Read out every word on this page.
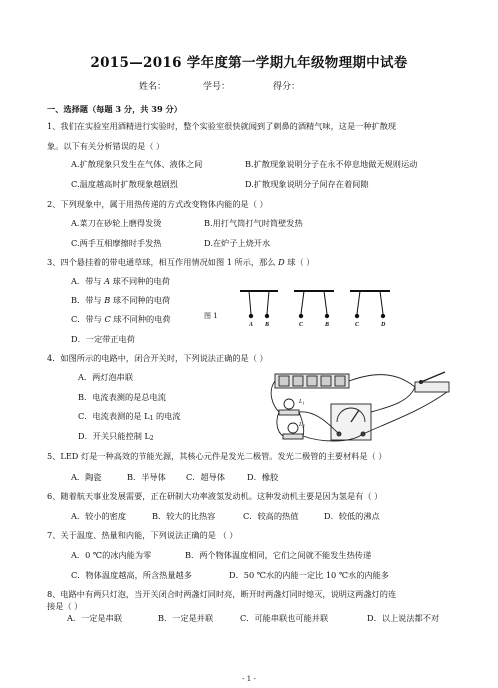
2015—2016 学年度第一学期九年级物理期中试卷
姓名：	学号：	得分：
一、选择题（每题 3 分，共 39 分）
1、我们在实验室用酒精进行实验时，整个实验室很快就闻到了刺鼻的酒精气味，这是一种扩散现
象。以下有关分析错误的是（ ）
A.扩散现象只发生在气体、液体之间	B.扩散现象说明分子在永不停息地做无规则运动
C.温度越高时扩散现象越剧烈	D.扩散现象说明分子间存在着间隙
2、下列现象中，属于用热传递的方式改变物体内能的是（ ）
A.菜刀在砂轮上磨得发烫	B.用打气筒打气时筒壁发热
C.两手互相摩擦时手发热	D.在炉子上烧开水
3、四个悬挂着的带电通草球，相互作用情况如图 1 所示，那么 D 球（ ）
A．带与 A 球不同种的电荷
B．带与 B 球不同种的电荷
C．带与 C 球不同种的电荷
D．一定带正电荷
图 1
A B	C	B	C	D
4．如图所示的电路中，闭合开关时，下列说法正确的是（ ）
A．两灯泡串联
B．电流表测的是总电流
C．电流表测的是 L1 的电流
D．开关只能控制 L2
$L_1$
$L_2$
5、LED 灯是一种高效的节能光源，其核心元件是发光二极管。发光二极管的主要材料是（ ）
A．陶瓷	B．半导体 C．超导体	D．橡胶
6、随着航天事业发展需要，正在研制大功率液氢发动机。这种发动机主要是因为氢是有（ ）
A．较小的密度	B．较大的比热容	C．较高的热值	D．较低的沸点
7、关于温度、热量和内能，下列说法正确的是 （ ）
A．0 ℃的冰内能为零	B．两个物体温度相同，它们之间就不能发生热传递
C．物体温度越高，所含热量越多	D．50 ℃水的内能一定比 10 ℃水的内能多
8、电路中有两只灯泡，当开关闭合时两盏灯同时亮，断开时两盏灯同时熄灭，说明这两盏灯的连
接是（ ）
A．一定是串联	B．一定是并联	C．可能串联也可能并联	D．以上说法都不对
- 1 -
